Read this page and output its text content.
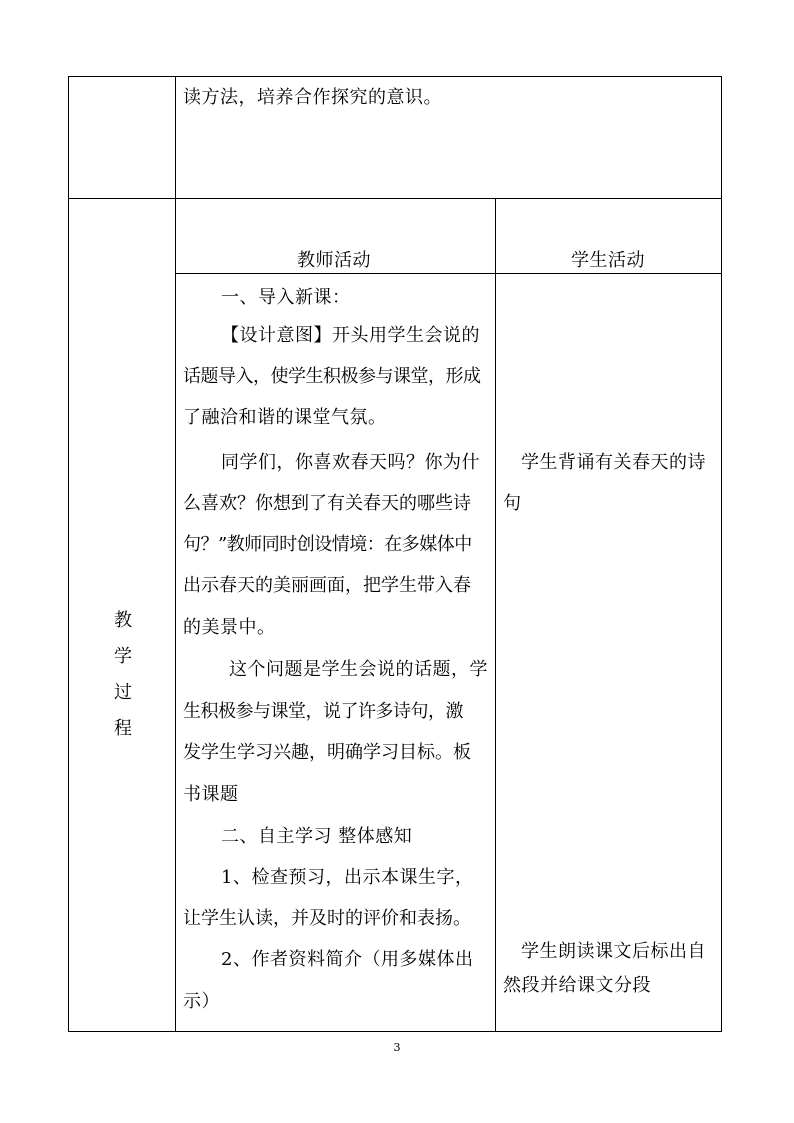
读方法，培养合作探究的意识。
教
学
过
程
教师活动	学生活动
一、导入新课：
【设计意图】开头用学生会说的
话题导入，使学生积极参与课堂，形成
了融洽和谐的课堂气氛。
同学们，你喜欢春天吗？你为什
么喜欢？你想到了有关春天的哪些诗
句？”教师同时创设情境：在多媒体中
出示春天的美丽画面，把学生带入春
的美景中。
这个问题是学生会说的话题，学
生积极参与课堂，说了许多诗句，激
发学生学习兴趣，明确学习目标。板
书课题
二、自主学习 整体感知
1、检查预习，出示本课生字，
让学生认读，并及时的评价和表扬。
2、作者资料简介（用多媒体出
示）
学生背诵有关春天的诗
句
学生朗读课文后标出自
然段并给课文分段
3
